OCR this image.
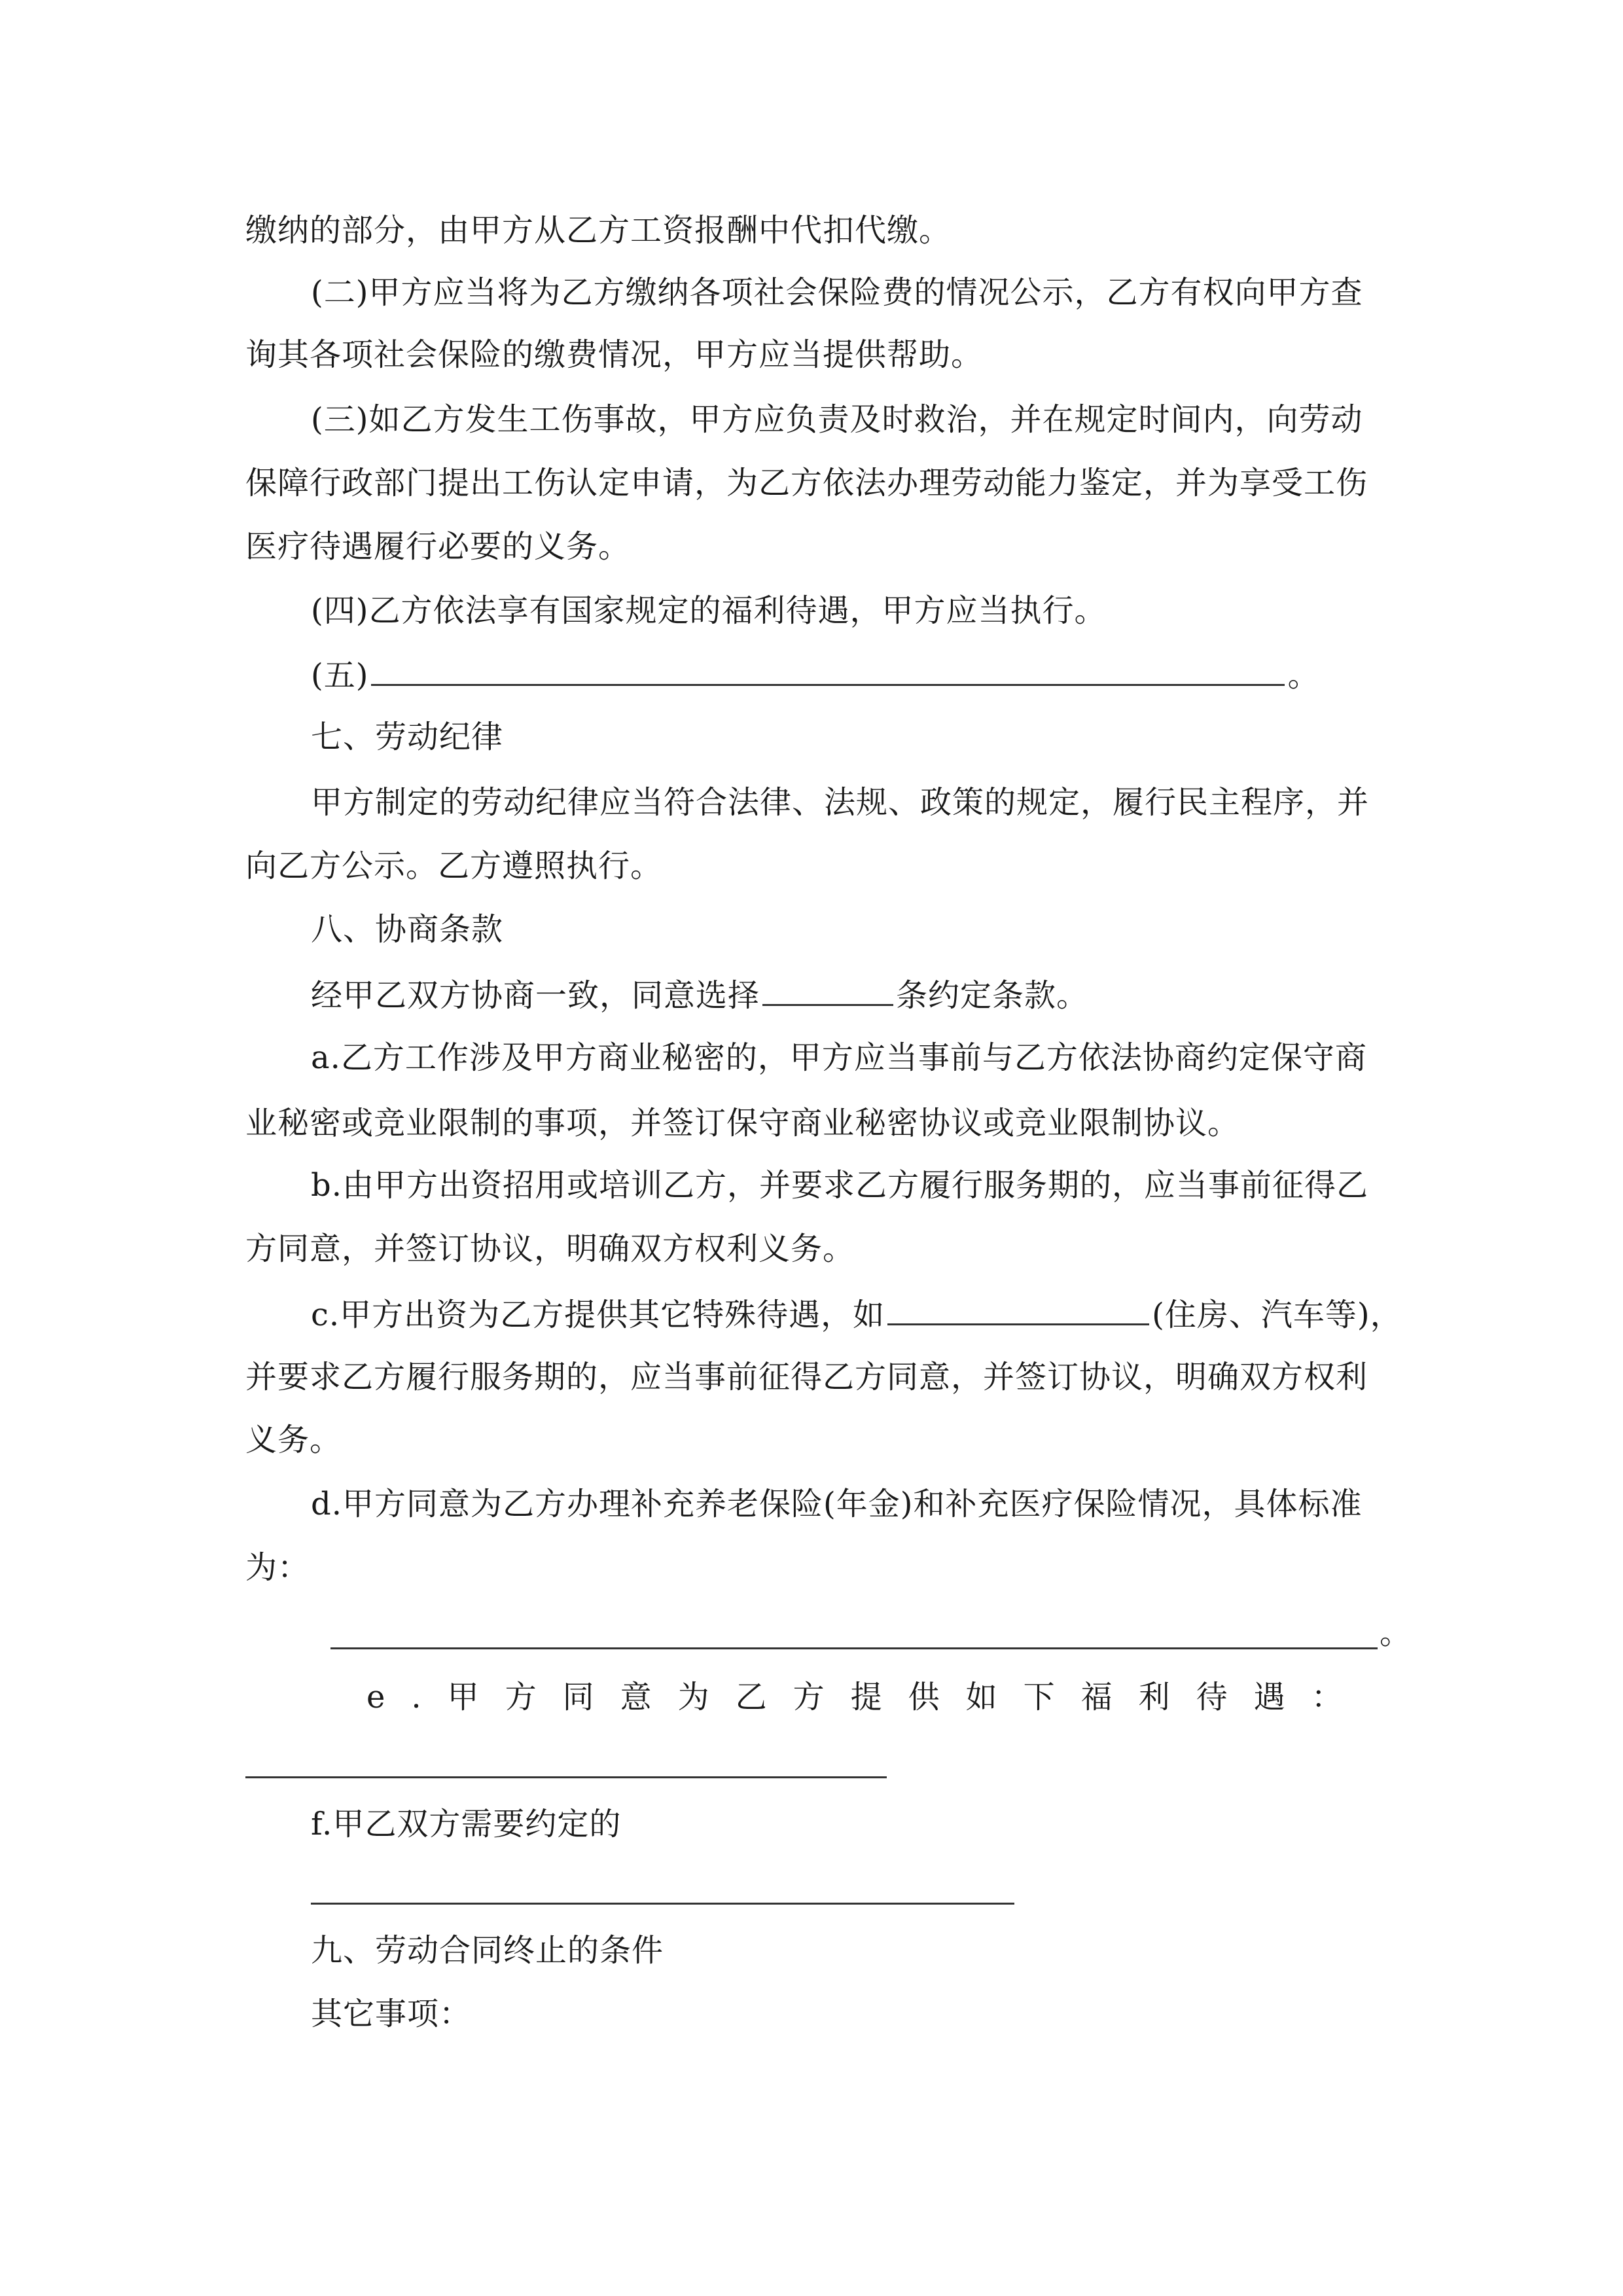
缴纳的部分，由甲方从乙方工资报酬中代扣代缴。
(二)甲方应当将为乙方缴纳各项社会保险费的情况公示，乙方有权向甲方查
询其各项社会保险的缴费情况，甲方应当提供帮助。
(三)如乙方发生工伤事故，甲方应负责及时救治，并在规定时间内，向劳动
保障行政部门提出工伤认定申请，为乙方依法办理劳动能力鉴定，并为享受工伤
医疗待遇履行必要的义务。
(四)乙方依法享有国家规定的福利待遇，甲方应当执行。
(五)	。
七、劳动纪律
甲方制定的劳动纪律应当符合法律、法规、政策的规定，履行民主程序，并
向乙方公示。乙方遵照执行。
八、协商条款
经甲乙双方协商一致，同意选择	条约定条款。
a.乙方工作涉及甲方商业秘密的，甲方应当事前与乙方依法协商约定保守商
业秘密或竞业限制的事项，并签订保守商业秘密协议或竞业限制协议。
b.由甲方出资招用或培训乙方，并要求乙方履行服务期的，应当事前征得乙
方同意，并签订协议，明确双方权利义务。
c.甲方出资为乙方提供其它特殊待遇，如	(住房、汽车等)，
并要求乙方履行服务期的，应当事前征得乙方同意，并签订协议，明确双方权利
义务。
d.甲方同意为乙方办理补充养老保险(年金)和补充医疗保险情况，具体标准
为：
。
e.甲方同意为乙方提供如下福利待遇：
f.甲乙双方需要约定的
九、劳动合同终止的条件
其它事项：
